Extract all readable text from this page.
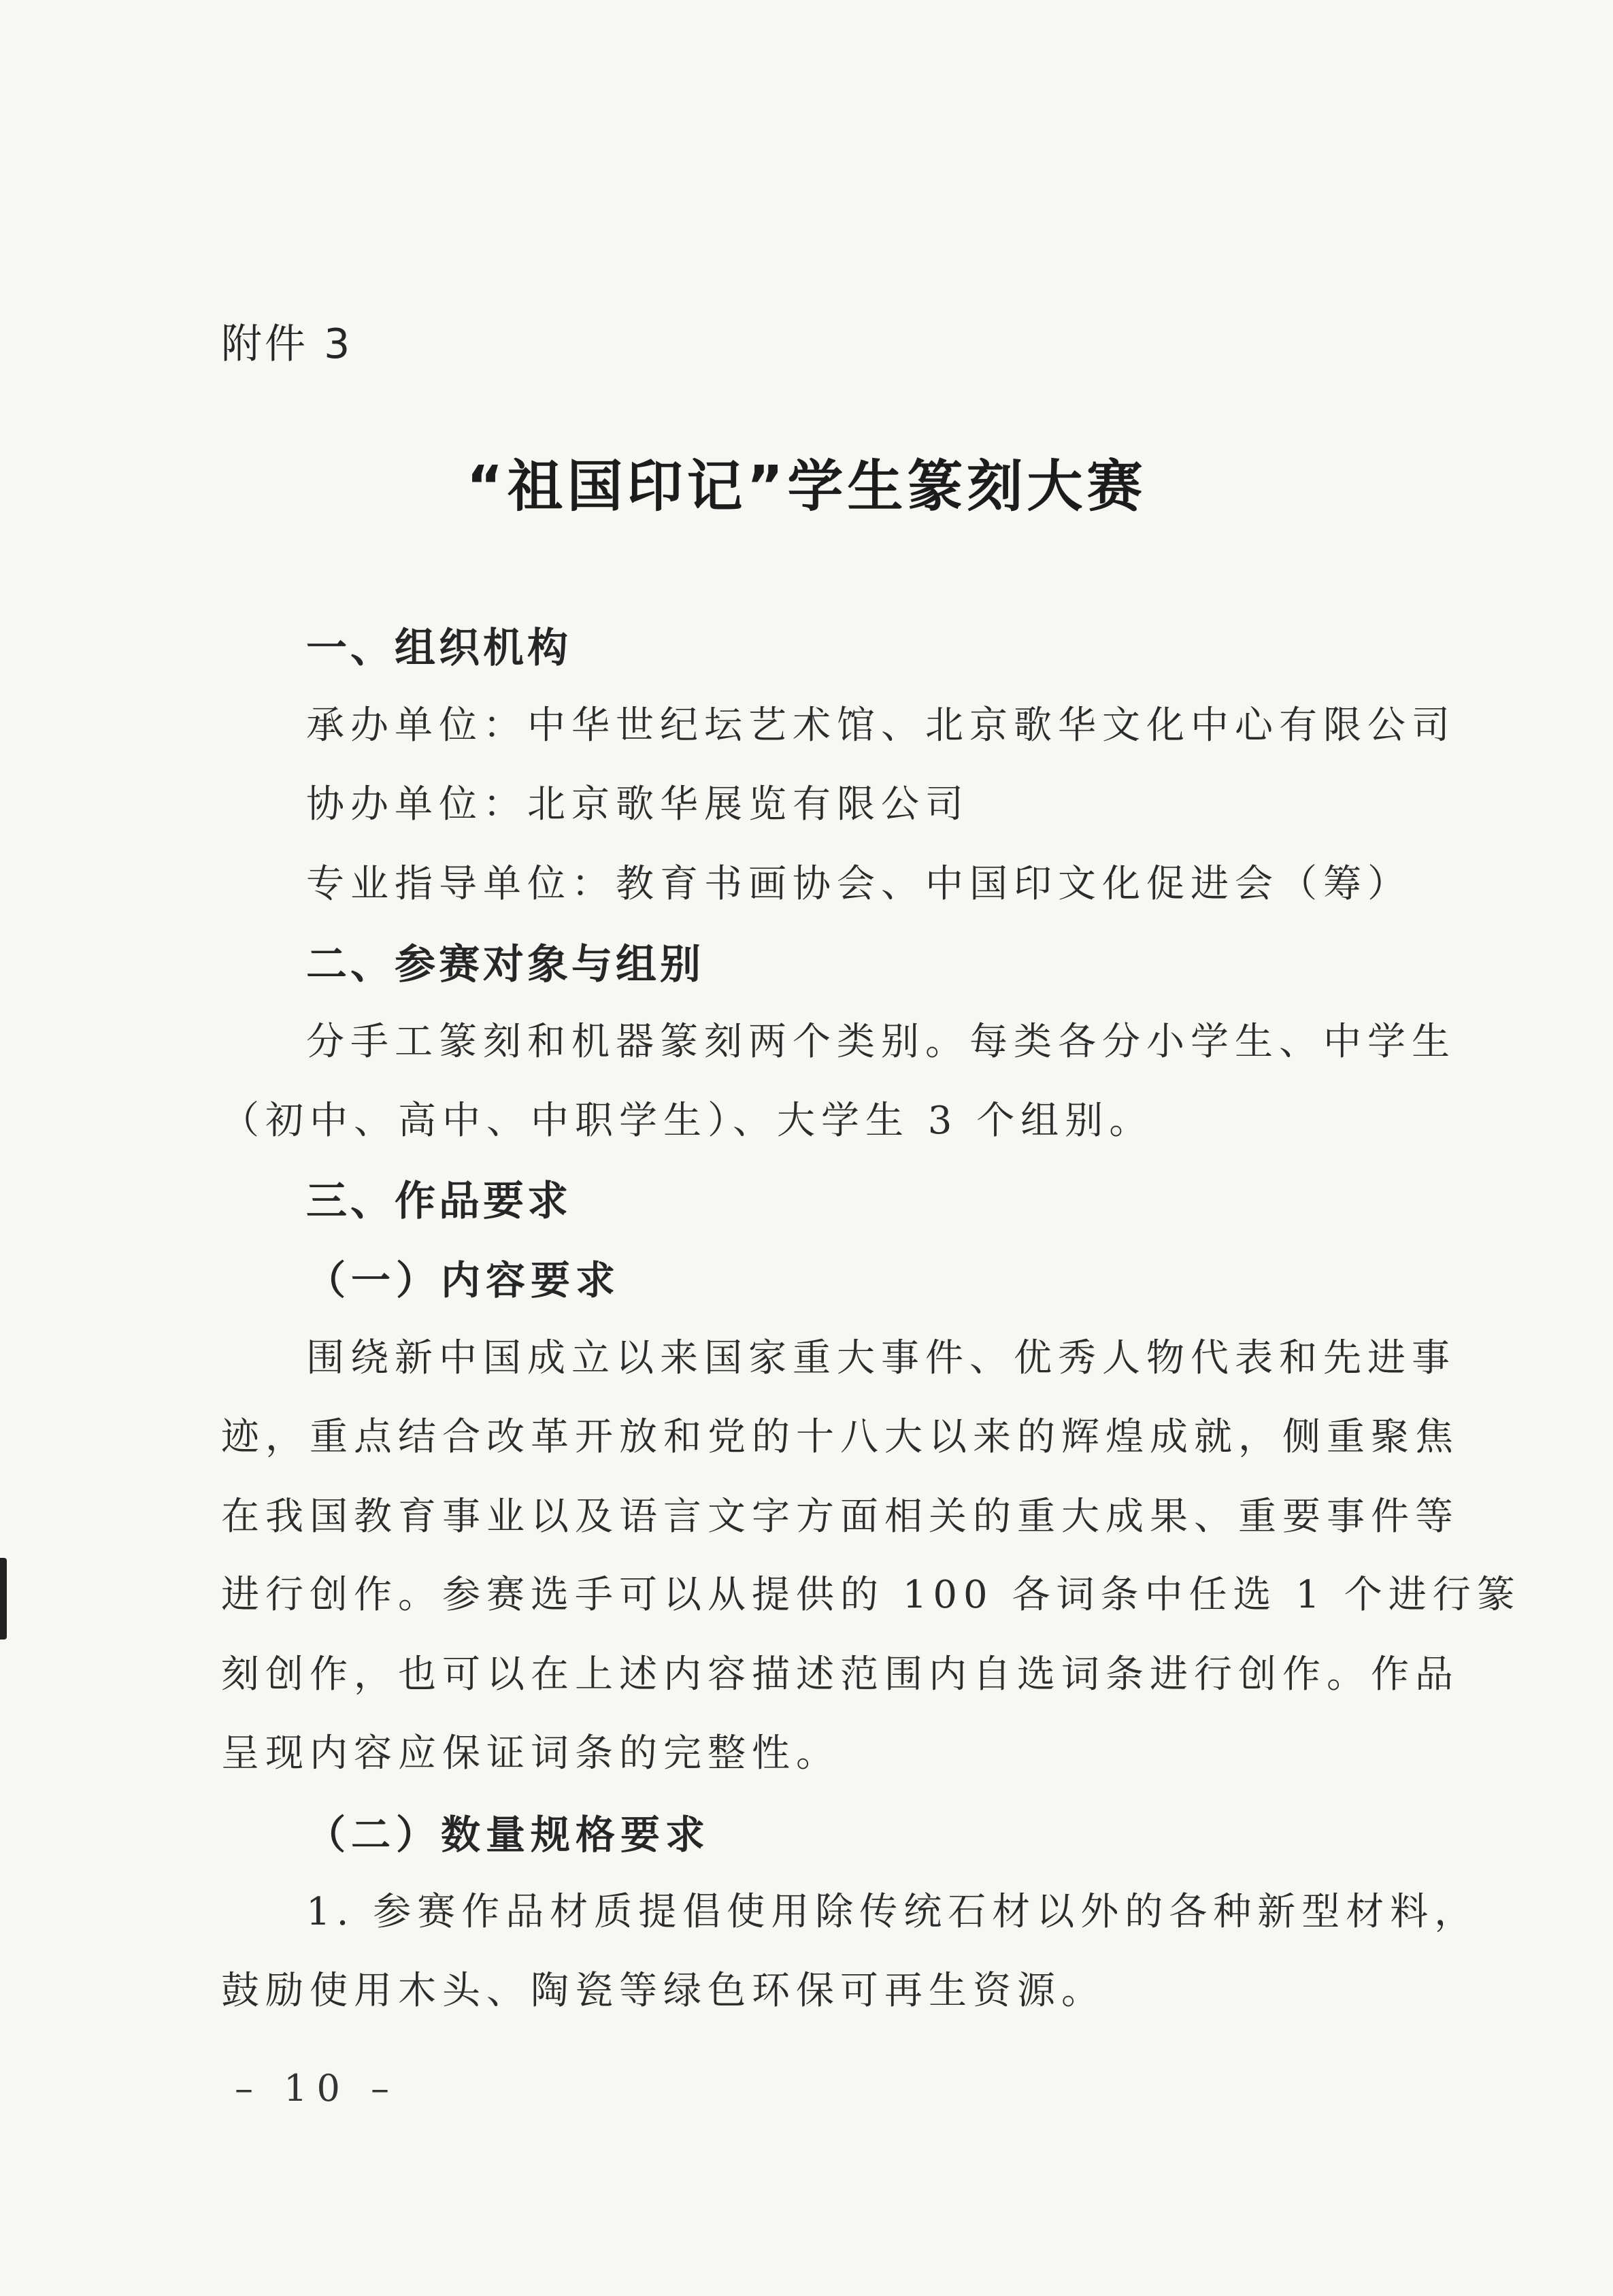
附件 3

“祖国印记”学生篆刻大赛
一、组织机构

承办单位：中华世纪坛艺术馆、北京歌华文化中心有限公司

协办单位：北京歌华展览有限公司

专业指导单位：教育书画协会、中国印文化促进会（筹）

二、参赛对象与组别

分手工篆刻和机器篆刻两个类别。每类各分小学生、中学生

（初中、高中、中职学生）、大学生 3 个组别。

三、作品要求
（一）内容要求

围绕新中国成立以来国家重大事件、优秀人物代表和先进事

迹，重点结合改革开放和党的十八大以来的辉煌成就，侧重聚焦

在我国教育事业以及语言文字方面相关的重大成果、重要事件等

进行创作。参赛选手可以从提供的 100 各词条中任选 1 个进行篆

刻创作，也可以在上述内容描述范围内自选词条进行创作。作品

呈现内容应保证词条的完整性。

（二）数量规格要求

1. 参赛作品材质提倡使用除传统石材以外的各种新型材料，

鼓励使用木头、陶瓷等绿色环保可再生资源。

– 10 –
